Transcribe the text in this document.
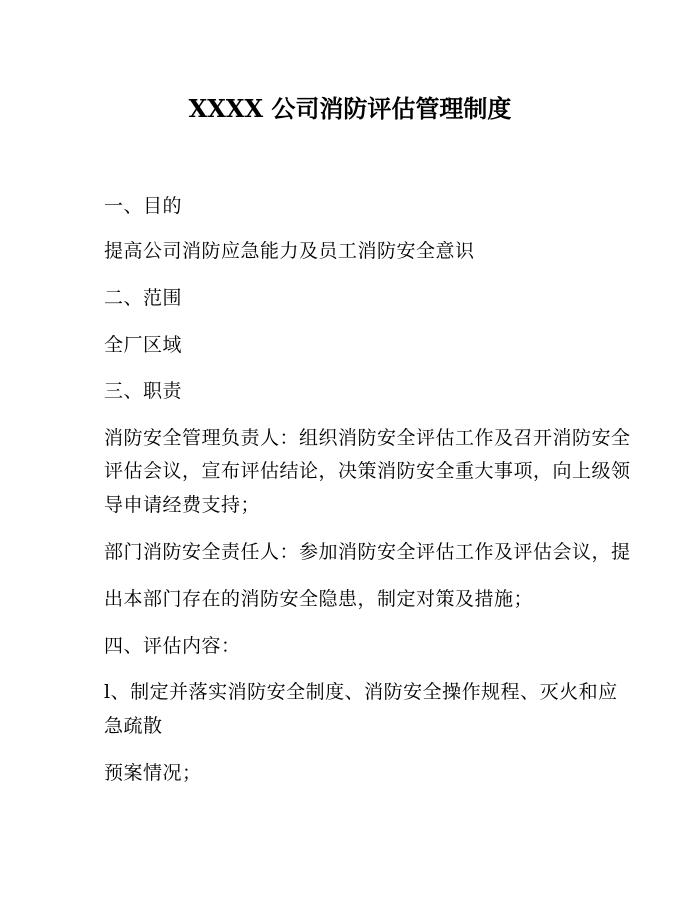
XXXX 公司消防评估管理制度
一、目的
提高公司消防应急能力及员工消防安全意识
二、范围
全厂区域
三、职责
消防安全管理负责人：组织消防安全评估工作及召开消防安全
评估会议，宣布评估结论，决策消防安全重大事项，向上级领
导申请经费支持；
部门消防安全责任人：参加消防安全评估工作及评估会议，提
出本部门存在的消防安全隐患，制定对策及措施；
四、评估内容：
l、制定并落实消防安全制度、消防安全操作规程、灭火和应
急疏散
预案情况；
